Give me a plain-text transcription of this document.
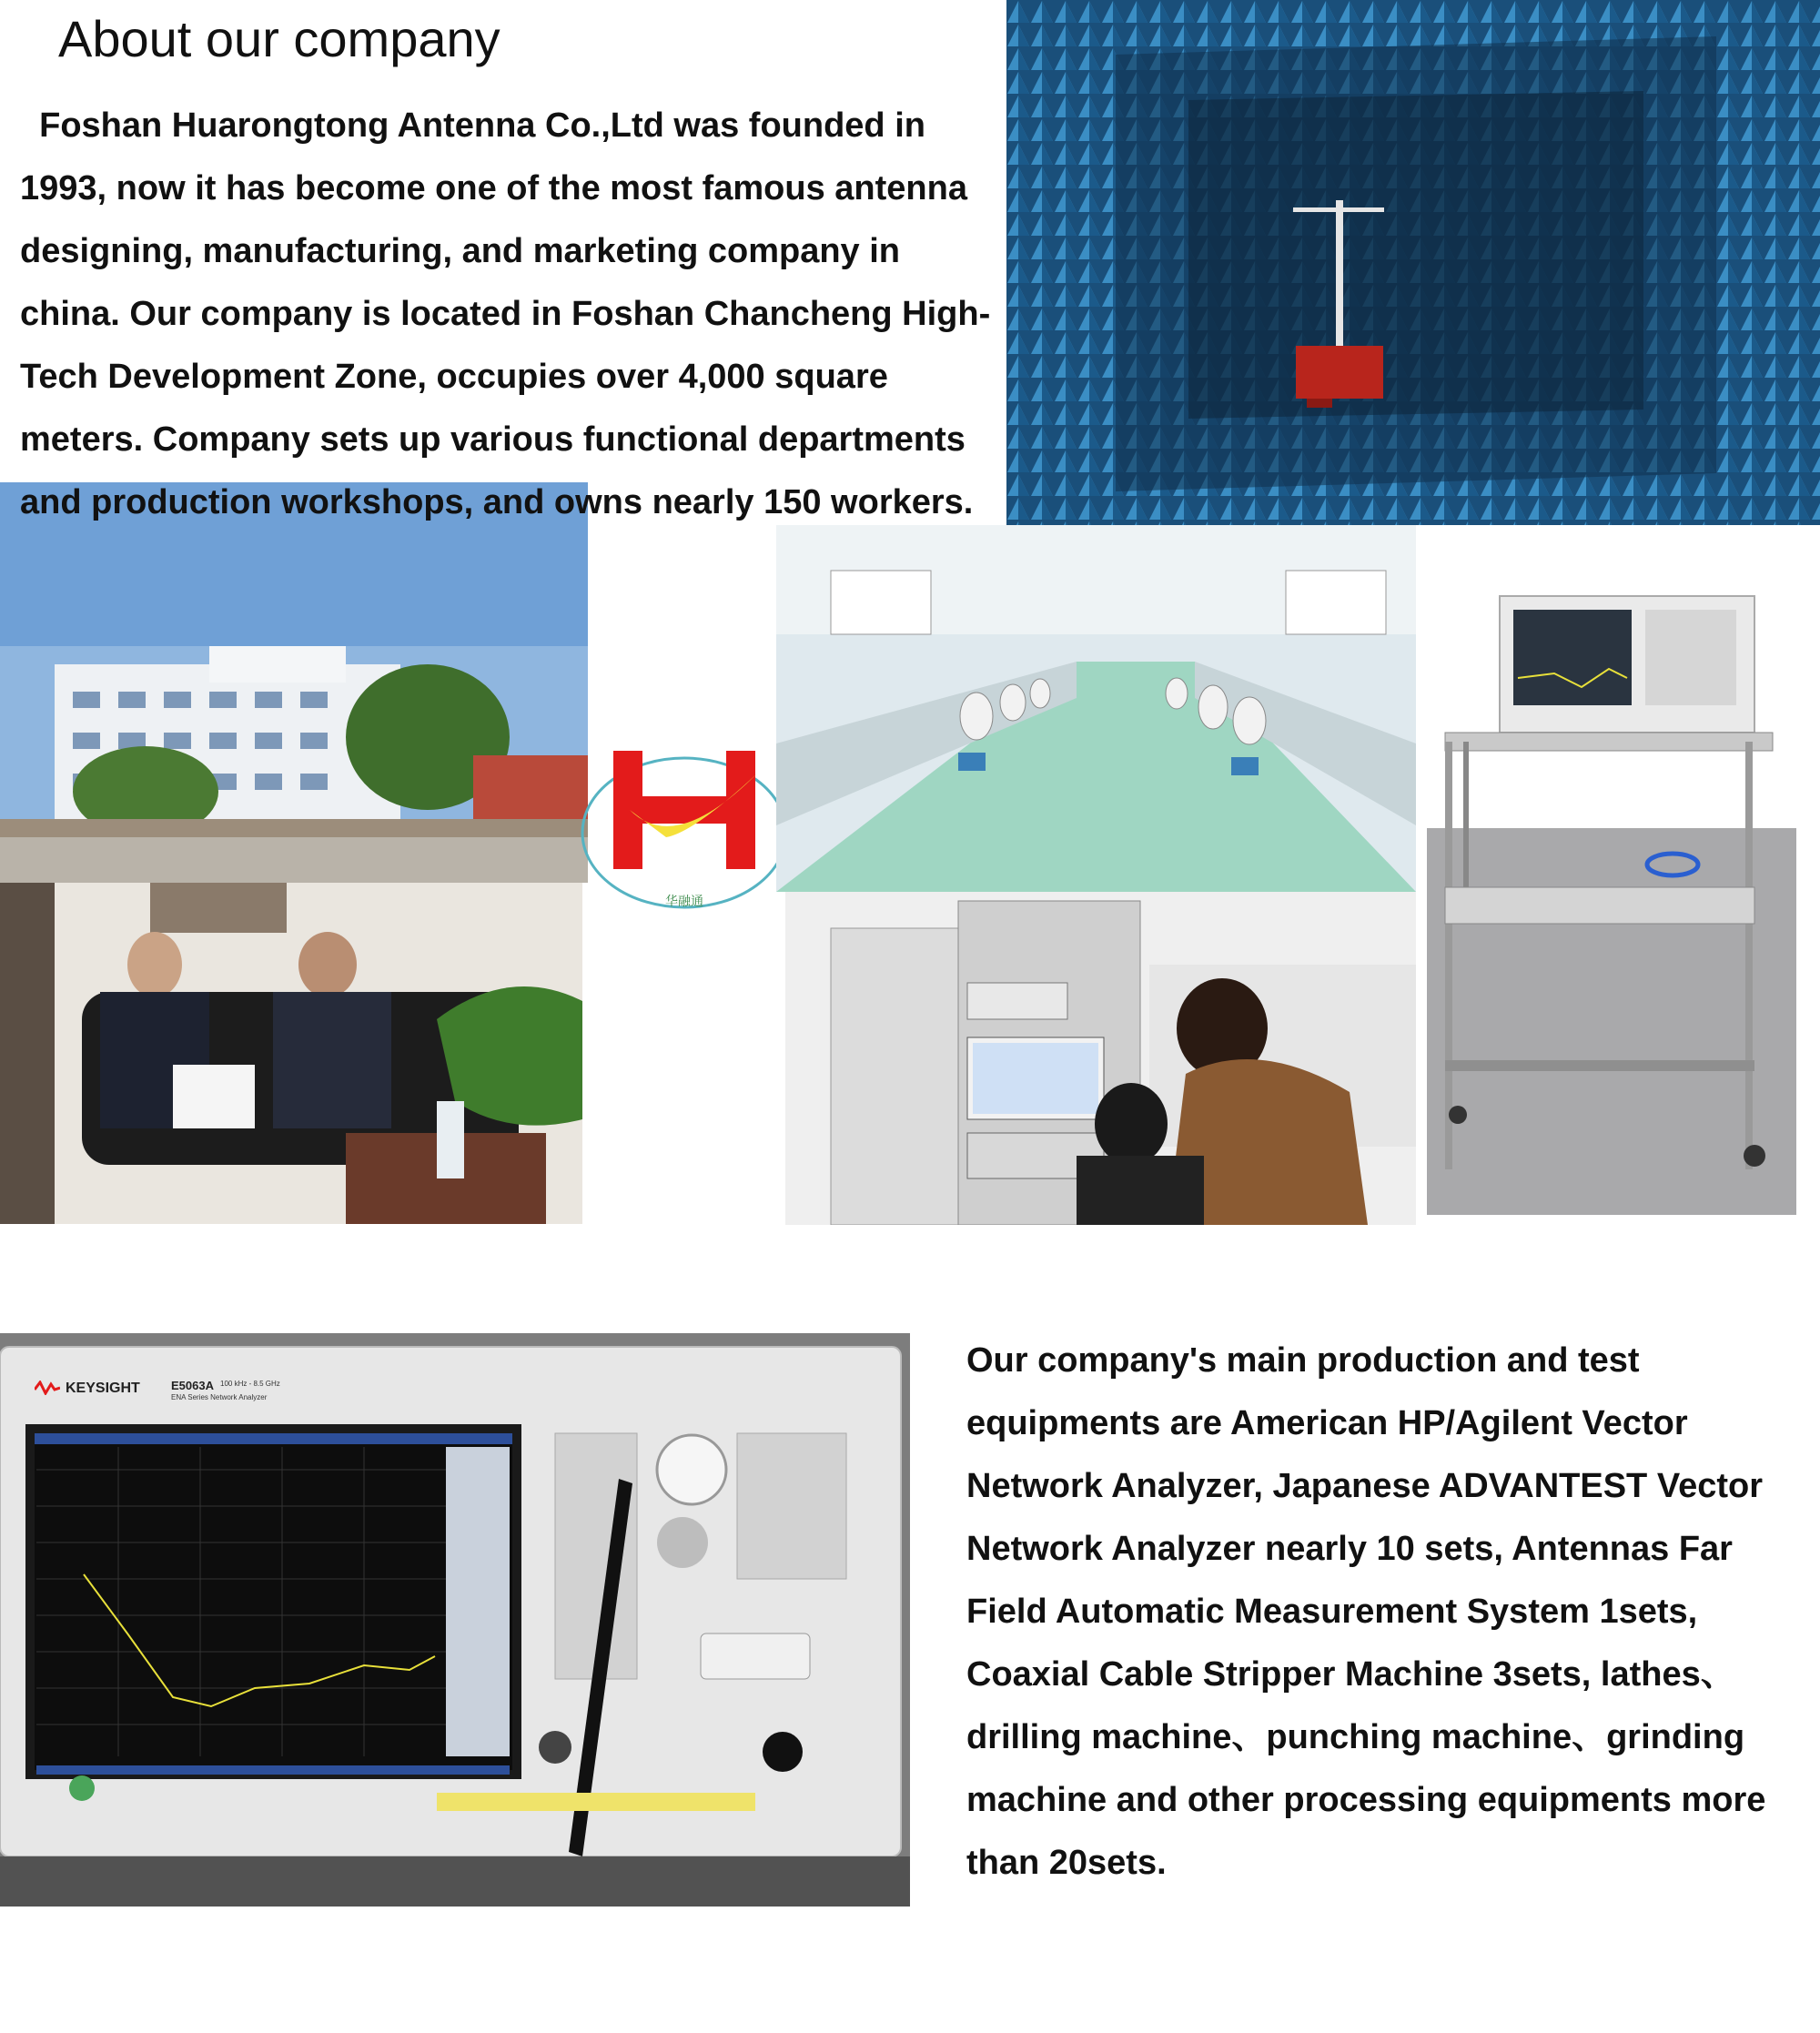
About our company
华融通
Foshan Huarongtong Antenna Co.,Ltd was founded in 1993, now it has become one of the most famous antenna designing, manufacturing, and marketing company in china. Our company is located in Foshan Chancheng High-Tech Development Zone, occupies over 4,000 square meters. Company sets up various functional departments and production workshops, and owns nearly 150 workers.
KEYSIGHT	E5063A 100 kHz - 8.5 GHz
ENA Series Network Analyzer
Our company's main production and test equipments are American HP/Agilent Vector Network Analyzer, Japanese ADVANTEST Vector Network Analyzer nearly 10 sets, Antennas Far Field Automatic Measurement System 1sets, Coaxial Cable Stripper Machine 3sets, lathes、drilling machine、punching machine、grinding machine and other processing equipments more than 20sets.
